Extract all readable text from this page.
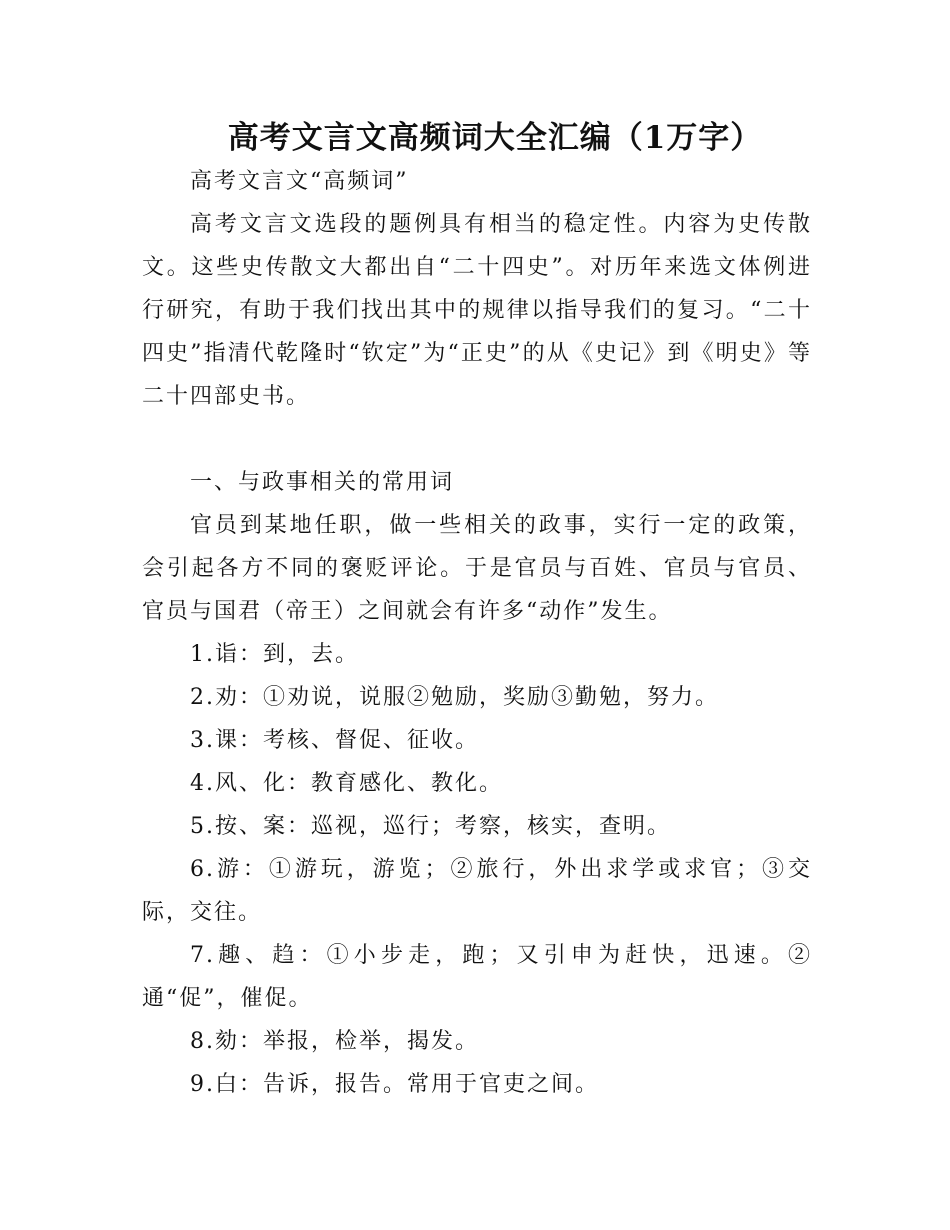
高考文言文高频词大全汇编（1万字）

高考文言文“高频词”

高考文言文选段的题例具有相当的稳定性。内容为史传散文。这些史传散文大都出自“二十四史”。对历年来选文体例进行研究，有助于我们找出其中的规律以指导我们的复习。“二十四史”指清代乾隆时“钦定”为“正史”的从《史记》到《明史》等二十四部史书。

一、与政事相关的常用词

官员到某地任职，做一些相关的政事，实行一定的政策，会引起各方不同的褒贬评论。于是官员与百姓、官员与官员、官员与国君（帝王）之间就会有许多“动作”发生。

1.诣：到，去。

2.劝：①劝说，说服②勉励，奖励③勤勉，努力。

3.课：考核、督促、征收。

4.风、化：教育感化、教化。

5.按、案：巡视，巡行；考察，核实，查明。

6.游：①游玩，游览；②旅行，外出求学或求官；③交际，交往。

7.趣、趋：①小步走，跑；又引申为赶快，迅速。②通“促”，催促。

8.劾：举报，检举，揭发。

9.白：告诉，报告。常用于官吏之间。
